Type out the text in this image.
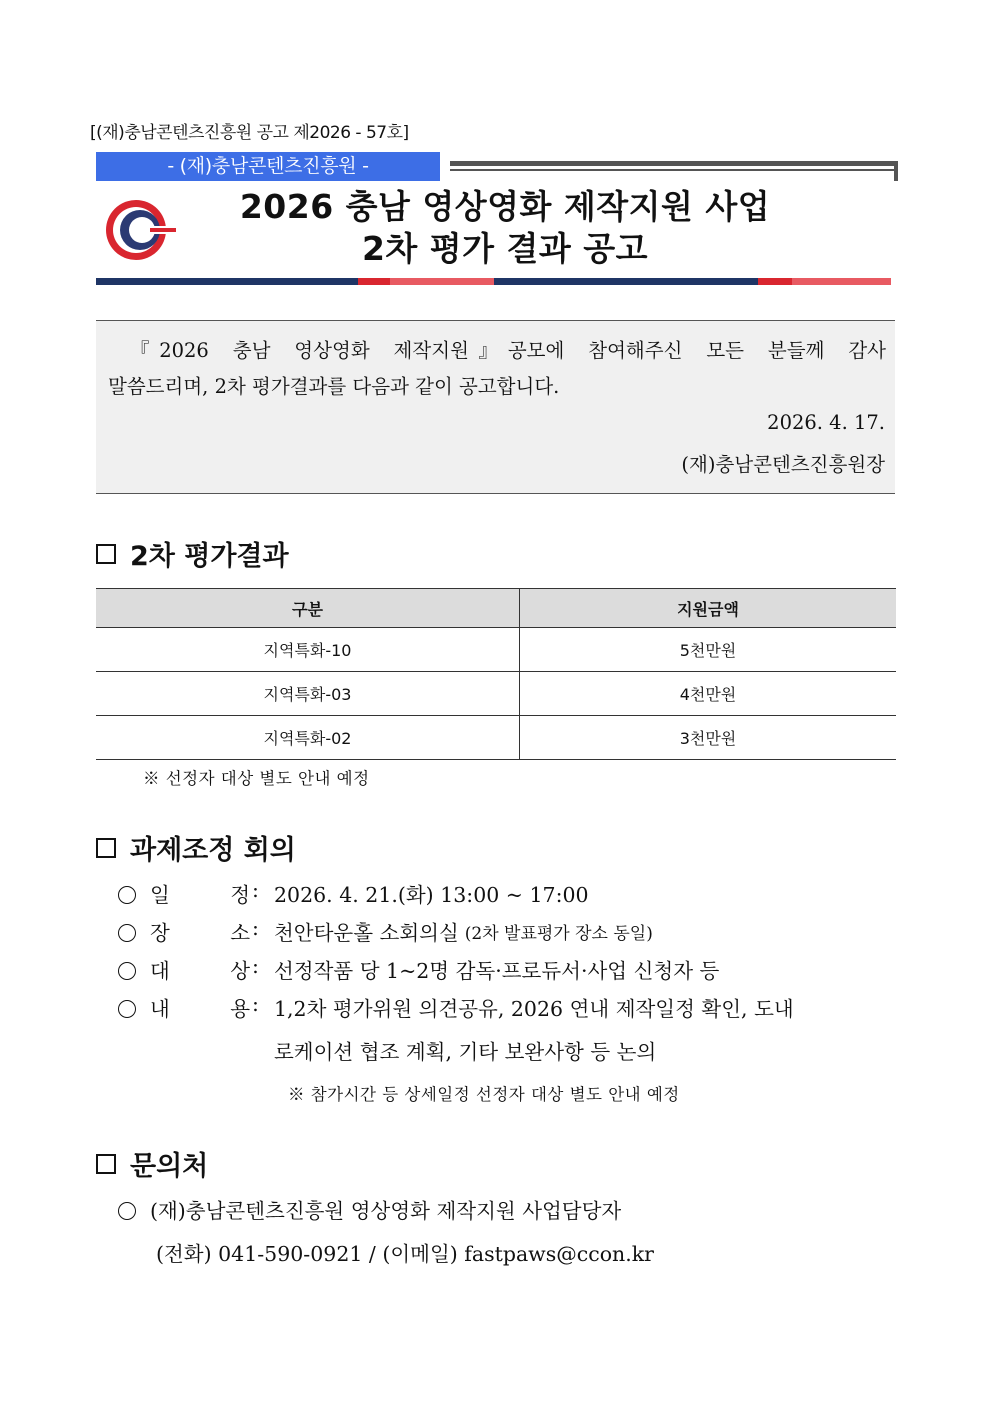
[(재)충남콘텐츠진흥원 공고 제2026 - 57호]
- (재)충남콘텐츠진흥원 -
2026 충남 영상영화 제작지원 사업
2차 평가 결과 공고
『2026 충남 영상영화 제작지원』공모에 참여해주신 모든 분들께 감사
말씀드리며, 2차 평가결과를 다음과 같이 공고합니다.
2026. 4. 17.
(재)충남콘텐츠진흥원장
2차 평가결과
구분	지원금액
지역특화-10	5천만원
지역특화-03	4천만원
지역특화-02	3천만원
※ 선정자 대상 별도 안내 예정
과제조정 회의
일 정 : 2026. 4. 21.(화) 13:00 ~ 17:00
장 소 : 천안타운홀 소회의실 (2차 발표평가 장소 동일)
대 상 : 선정작품 당 1~2명 감독·프로듀서·사업 신청자 등
내 용 : 1,2차 평가위원 의견공유, 2026 연내 제작일정 확인, 도내
로케이션 협조 계획, 기타 보완사항 등 논의
※ 참가시간 등 상세일정 선정자 대상 별도 안내 예정
문의처
(재)충남콘텐츠진흥원 영상영화 제작지원 사업담당자
(전화) 041-590-0921 / (이메일) fastpaws@ccon.kr
